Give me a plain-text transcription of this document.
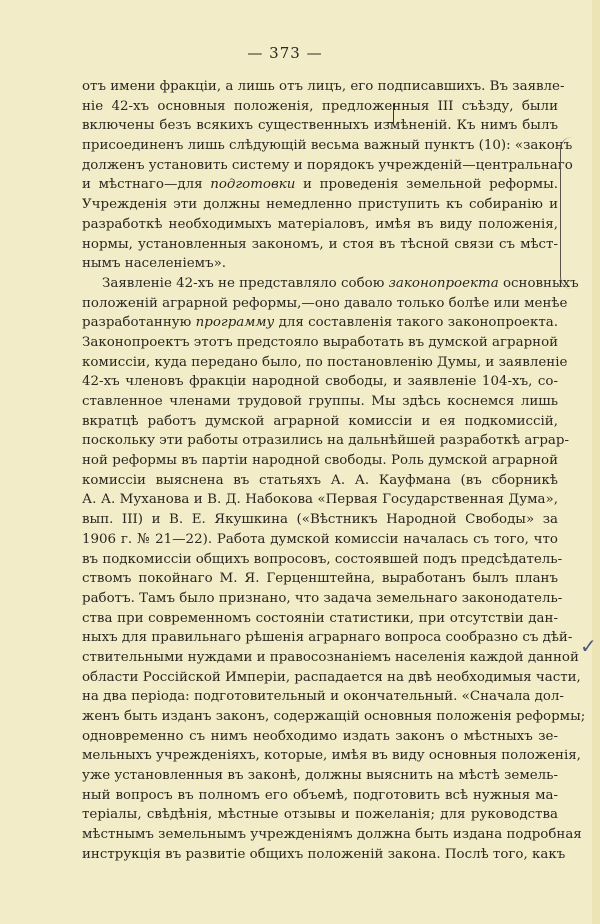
— 373 —
отъ имени фракціи, а лишь отъ лицъ, его подписавшихъ. Въ заявле-
ніе 42-хъ основныя положенія, предложенныя III съѣзду, были
включены безъ всякихъ существенныхъ измѣненій. Къ нимъ былъ
присоединенъ лишь слѣдующій весьма важный пунктъ (10): «законъ
долженъ установить систему и порядокъ учрежденій—центральнаго
и мѣстнаго—для подготовки и проведенія земельной реформы.
Учрежденія эти должны немедленно приступить къ собиранію и
разработкѣ необходимыхъ матеріаловъ, имѣя въ виду положенія,
нормы, установленныя закономъ, и стоя въ тѣсной связи съ мѣст-
нымъ населеніемъ».
Заявленіе 42-хъ не представляло собою законопроекта основныхъ
положеній аграрной реформы,—оно давало только болѣе или менѣе
разработанную программу для составленія такого законопроекта.
Законопроектъ этотъ предстояло выработать въ думской аграрной
комиссіи, куда передано было, по постановленію Думы, и заявленіе
42-хъ членовъ фракціи народной свободы, и заявленіе 104-хъ, со-
ставленное членами трудовой группы. Мы здѣсь коснемся лишь
вкратцѣ работъ думской аграрной комиссіи и ея подкомиссій,
поскольку эти работы отразились на дальнѣйшей разработкѣ аграр-
ной реформы въ партіи народной свободы. Роль думской аграрной
комиссіи выяснена въ статьяхъ А. А. Кауфмана (въ сборникѣ
А. А. Муханова и В. Д. Набокова «Первая Государственная Дума»,
вып. III) и В. Е. Якушкина («Вѣстникъ Народной Свободы» за
1906 г. № 21—22). Работа думской комиссіи началась съ того, что
въ подкомиссіи общихъ вопросовъ, состоявшей подъ предсѣдатель-
ствомъ покойнаго М. Я. Герценштейна, выработанъ былъ планъ
работъ. Тамъ было признано, что задача земельнаго законодатель-
ства при современномъ состояніи статистики, при отсутствіи дан-
ныхъ для правильнаго рѣшенія аграрнаго вопроса сообразно съ дѣй-
ствительными нуждами и правосознаніемъ населенія каждой данной
области Россійской Имперіи, распадается на двѣ необходимыя части,
на два періода: подготовительный и окончательный. «Сначала дол-
женъ быть изданъ законъ, содержащій основныя положенія реформы;
одновременно съ нимъ необходимо издать законъ о мѣстныхъ зе-
мельныхъ учрежденіяхъ, которые, имѣя въ виду основныя положенія,
уже установленныя въ законѣ, должны выяснить на мѣстѣ земель-
ный вопросъ въ полномъ его объемѣ, подготовить всѣ нужныя ма-
теріалы, свѣдѣнія, мѣстные отзывы и пожеланія; для руководства
мѣстнымъ земельнымъ учрежденіямъ должна быть издана подробная
инструкція въ развитіе общихъ положеній закона. Послѣ того, какъ
✓
